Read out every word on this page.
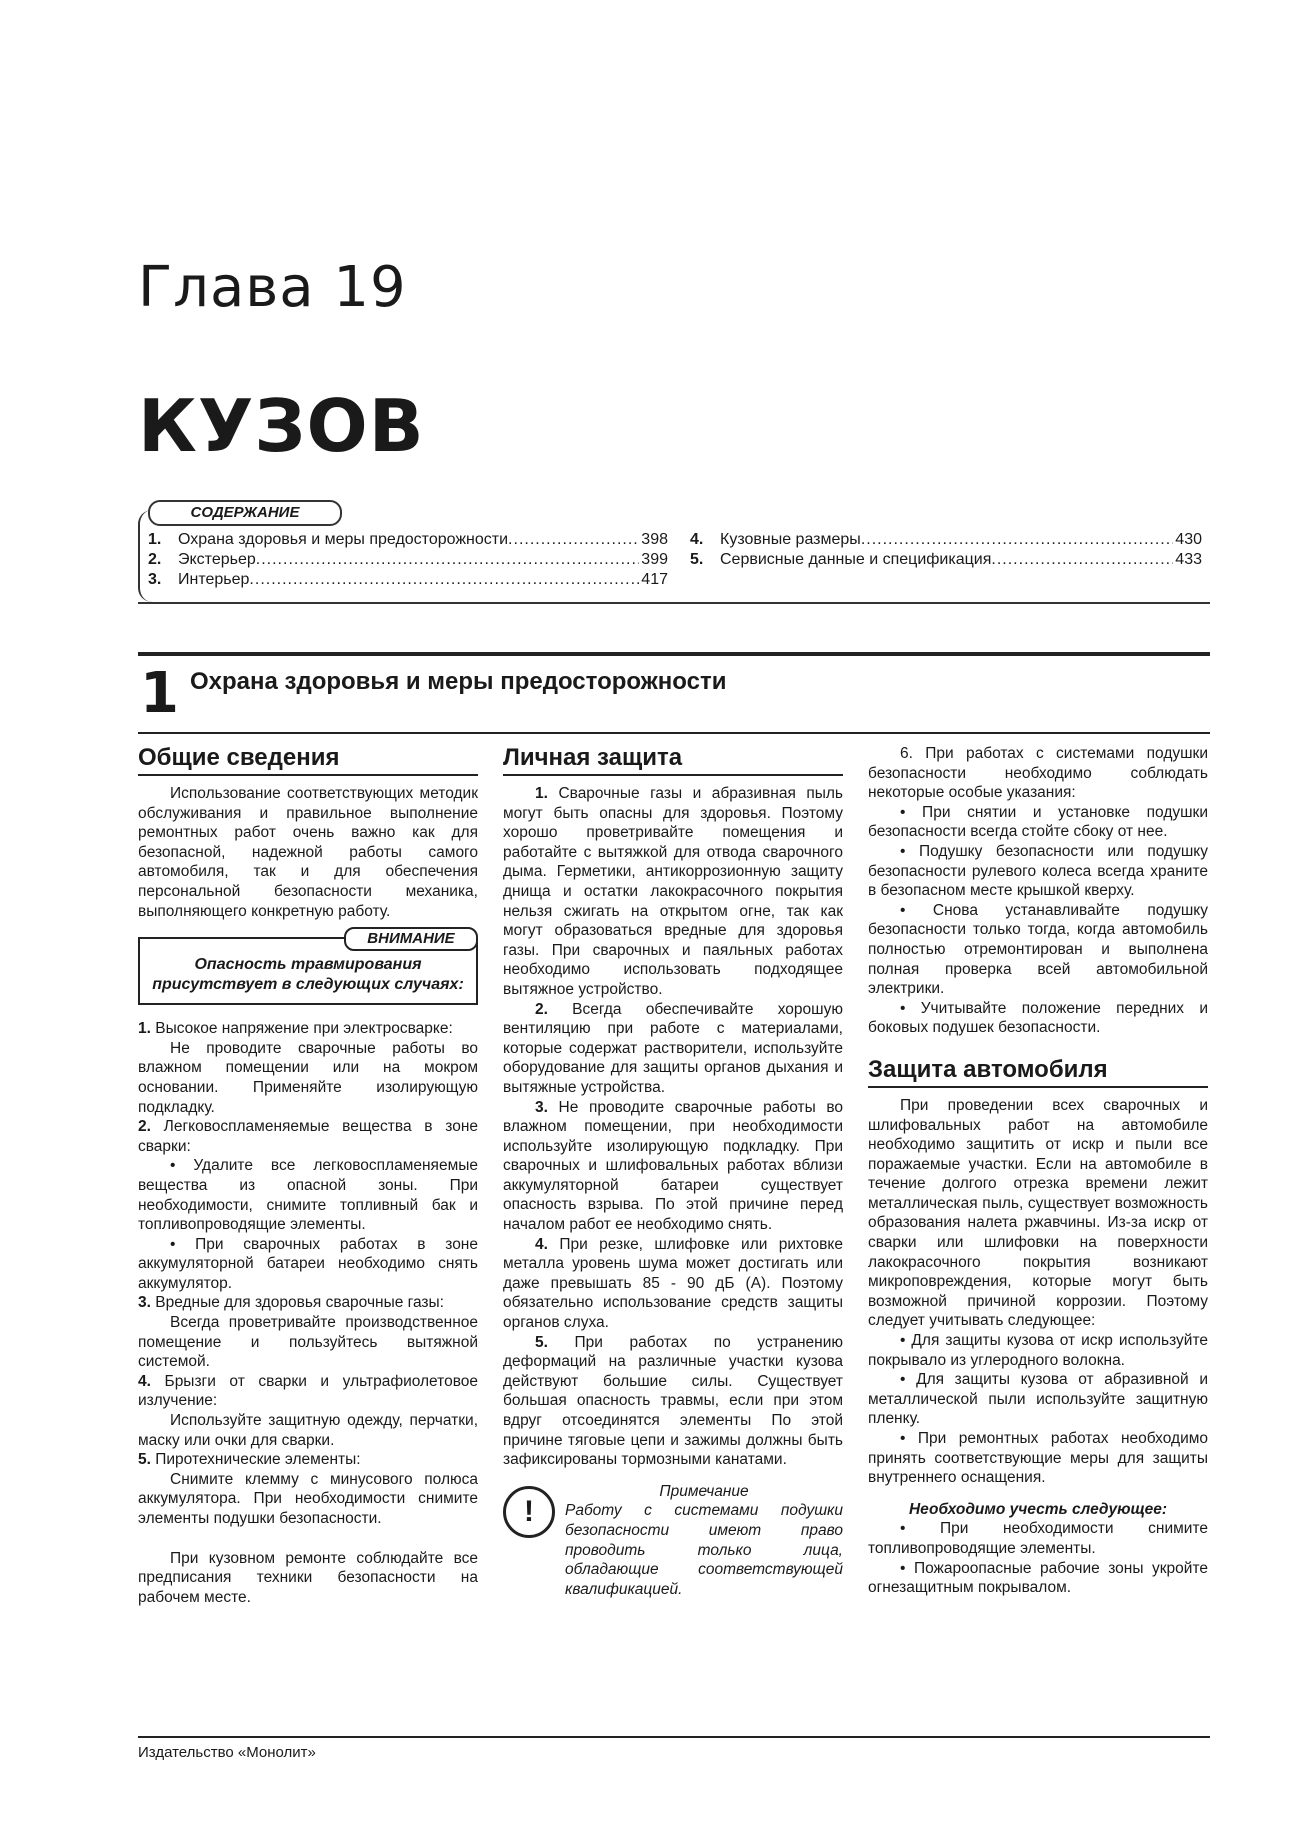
Глава 19
КУЗОВ
СОДЕРЖАНИЕ
1.	Охрана здоровья и меры предосторожности .....	398
2.	Экстерьер .....	399
3.	Интерьер .....	417
4.	Кузовные размеры .....	430
5.	Сервисные данные и спецификация .....	433
1 Охрана здоровья и меры предосторожности
Общие сведения

Использование соответствующих методик обслуживания и правильное выполнение ремонтных работ очень важно как для безопасной, надежной работы самого автомобиля, так и для обеспечения персональной безопасности механика, выполняющего конкретную работу.

ВНИМАНИЕ
Опасность травмирования присутствует в следующих случаях:

1. Высокое напряжение при электросварке:

Не проводите сварочные работы во влажном помещении или на мокром основании. Применяйте изолирующую подкладку.

2. Легковоспламеняемые вещества в зоне сварки:

• Удалите все легковоспламеняемые вещества из опасной зоны. При необходимости, снимите топливный бак и топливопроводящие элементы.

• При сварочных работах в зоне аккумуляторной батареи необходимо снять аккумулятор.

3. Вредные для здоровья сварочные газы:

Всегда проветривайте производственное помещение и пользуйтесь вытяжной системой.

4. Брызги от сварки и ультрафиолетовое излучение:

Используйте защитную одежду, перчатки, маску или очки для сварки.

5. Пиротехнические элементы:

Снимите клемму с минусового полюса аккумулятора. При необходимости снимите элементы подушки безопасности.

При кузовном ремонте соблюдайте все предписания техники безопасности на рабочем месте.

Личная защита

1. Сварочные газы и абразивная пыль могут быть опасны для здоровья. Поэтому хорошо проветривайте помещения и работайте с вытяжкой для отвода сварочного дыма. Герметики, антикоррозионную защиту днища и остатки лакокрасочного покрытия нельзя сжигать на открытом огне, так как могут образоваться вредные для здоровья газы. При сварочных и паяльных работах необходимо использовать подходящее вытяжное устройство.

2. Всегда обеспечивайте хорошую вентиляцию при работе с материалами, которые содержат растворители, используйте оборудование для защиты органов дыхания и вытяжные устройства.

3. Не проводите сварочные работы во влажном помещении, при необходимости используйте изолирующую подкладку. При сварочных и шлифовальных работах вблизи аккумуляторной батареи существует опасность взрыва. По этой причине перед началом работ ее необходимо снять.

4. При резке, шлифовке или рихтовке металла уровень шума может достигать или даже превышать 85 - 90 дБ (А). Поэтому обязательно использование средств защиты органов слуха.

5. При работах по устранению деформаций на различные участки кузова действуют большие силы. Существует большая опасность травмы, если при этом вдруг отсоединятся элементы По этой причине тяговые цепи и зажимы должны быть зафиксированы тормозными канатами.

!
Примечание
Работу с системами подушки безопасности имеют право проводить только лица, обладающие соответствующей квалификацией.

6. При работах с системами подушки безопасности необходимо соблюдать некоторые особые указания:

• При снятии и установке подушки безопасности всегда стойте сбоку от нее.

• Подушку безопасности или подушку безопасности рулевого колеса всегда храните в безопасном месте крышкой кверху.

• Снова устанавливайте подушку безопасности только тогда, когда автомобиль полностью отремонтирован и выполнена полная проверка всей автомобильной электрики.

• Учитывайте положение передних и боковых подушек безопасности.

Защита автомобиля

При проведении всех сварочных и шлифовальных работ на автомобиле необходимо защитить от искр и пыли все поражаемые участки. Если на автомобиле в течение долгого отрезка времени лежит металлическая пыль, существует возможность образования налета ржавчины. Из-за искр от сварки или шлифовки на поверхности лакокрасочного покрытия возникают микроповреждения, которые могут быть возможной причиной коррозии. Поэтому следует учитывать следующее:

• Для защиты кузова от искр используйте покрывало из углеродного волокна.

• Для защиты кузова от абразивной и металлической пыли используйте защитную пленку.

• При ремонтных работах необходимо принять соответствующие меры для защиты внутреннего оснащения.

Необходимо учесть следующее:

• При необходимости снимите топливопроводящие элементы.

• Пожароопасные рабочие зоны укройте огнезащитным покрывалом.

Издательство «Монолит»
